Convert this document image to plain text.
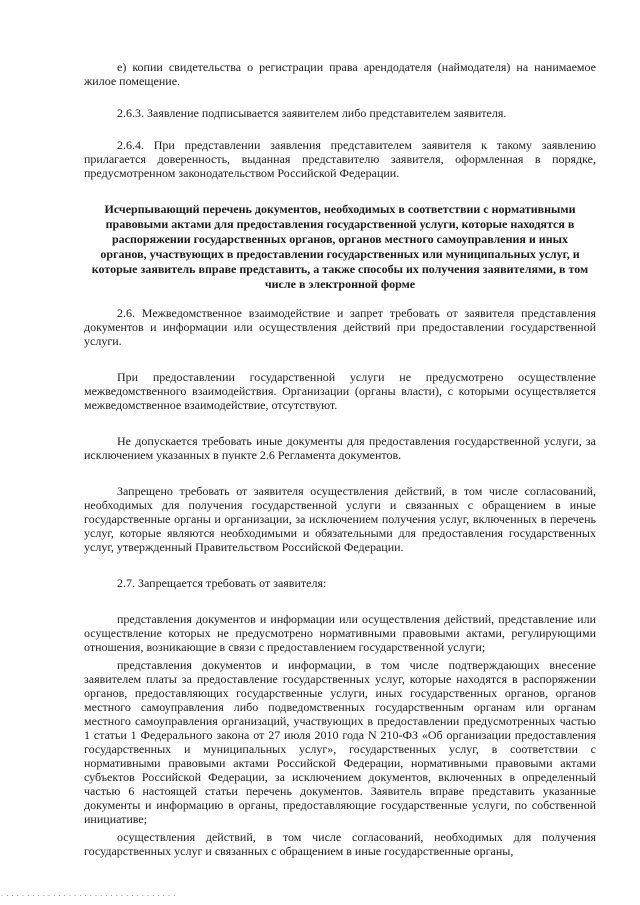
е) копии свидетельства о регистрации права арендодателя (наймодателя) на нанимаемое жилое помещение.

2.6.3. Заявление подписывается заявителем либо представителем заявителя.

2.6.4. При представлении заявления представителем заявителя к такому заявлению прилагается доверенность, выданная представителю заявителя, оформленная в порядке, предусмотренном законодательством Российской Федерации.

Исчерпывающий перечень документов, необходимых в соответствии с нормативными правовыми актами для предоставления государственной услуги, которые находятся в распоряжении государственных органов, органов местного самоуправления и иных органов, участвующих в предоставлении государственных или муниципальных услуг, и которые заявитель вправе представить, а также способы их получения заявителями, в том числе в электронной форме

2.6. Межведомственное взаимодействие и запрет требовать от заявителя представления документов и информации или осуществления действий при предоставлении государственной услуги.

При предоставлении государственной услуги не предусмотрено осуществление межведомственного взаимодействия. Организации (органы власти), с которыми осуществляется межведомственное взаимодействие, отсутствуют.

Не допускается требовать иные документы для предоставления государственной услуги, за исключением указанных в пункте 2.6 Регламента документов.

Запрещено требовать от заявителя осуществления действий, в том числе согласований, необходимых для получения государственной услуги и связанных с обращением в иные государственные органы и организации, за исключением получения услуг, включенных в перечень услуг, которые являются необходимыми и обязательными для предоставления государственных услуг, утвержденный Правительством Российской Федерации.

2.7. Запрещается требовать от заявителя:

представления документов и информации или осуществления действий, представление или осуществление которых не предусмотрено нормативными правовыми актами, регулирующими отношения, возникающие в связи с предоставлением государственной услуги;

представления документов и информации, в том числе подтверждающих внесение заявителем платы за предоставление государственных услуг, которые находятся в распоряжении органов, предоставляющих государственные услуги, иных государственных органов, органов местного самоуправления либо подведомственных государственным органам или органам местного самоуправления организаций, участвующих в предоставлении предусмотренных частью 1 статьи 1 Федерального закона от 27 июля 2010 года N 210-ФЗ «Об организации предоставления государственных и муниципальных услуг», государственных услуг, в соответствии с нормативными правовыми актами Российской Федерации, нормативными правовыми актами субъектов Российской Федерации, за исключением документов, включенных в определенный частью 6 настоящей статьи перечень документов. Заявитель вправе представить указанные документы и информацию в органы, предоставляющие государственные услуги, по собственной инициативе;

осуществления действий, в том числе согласований, необходимых для получения государственных услуг и связанных с обращением в иные государственные органы,

..................................
